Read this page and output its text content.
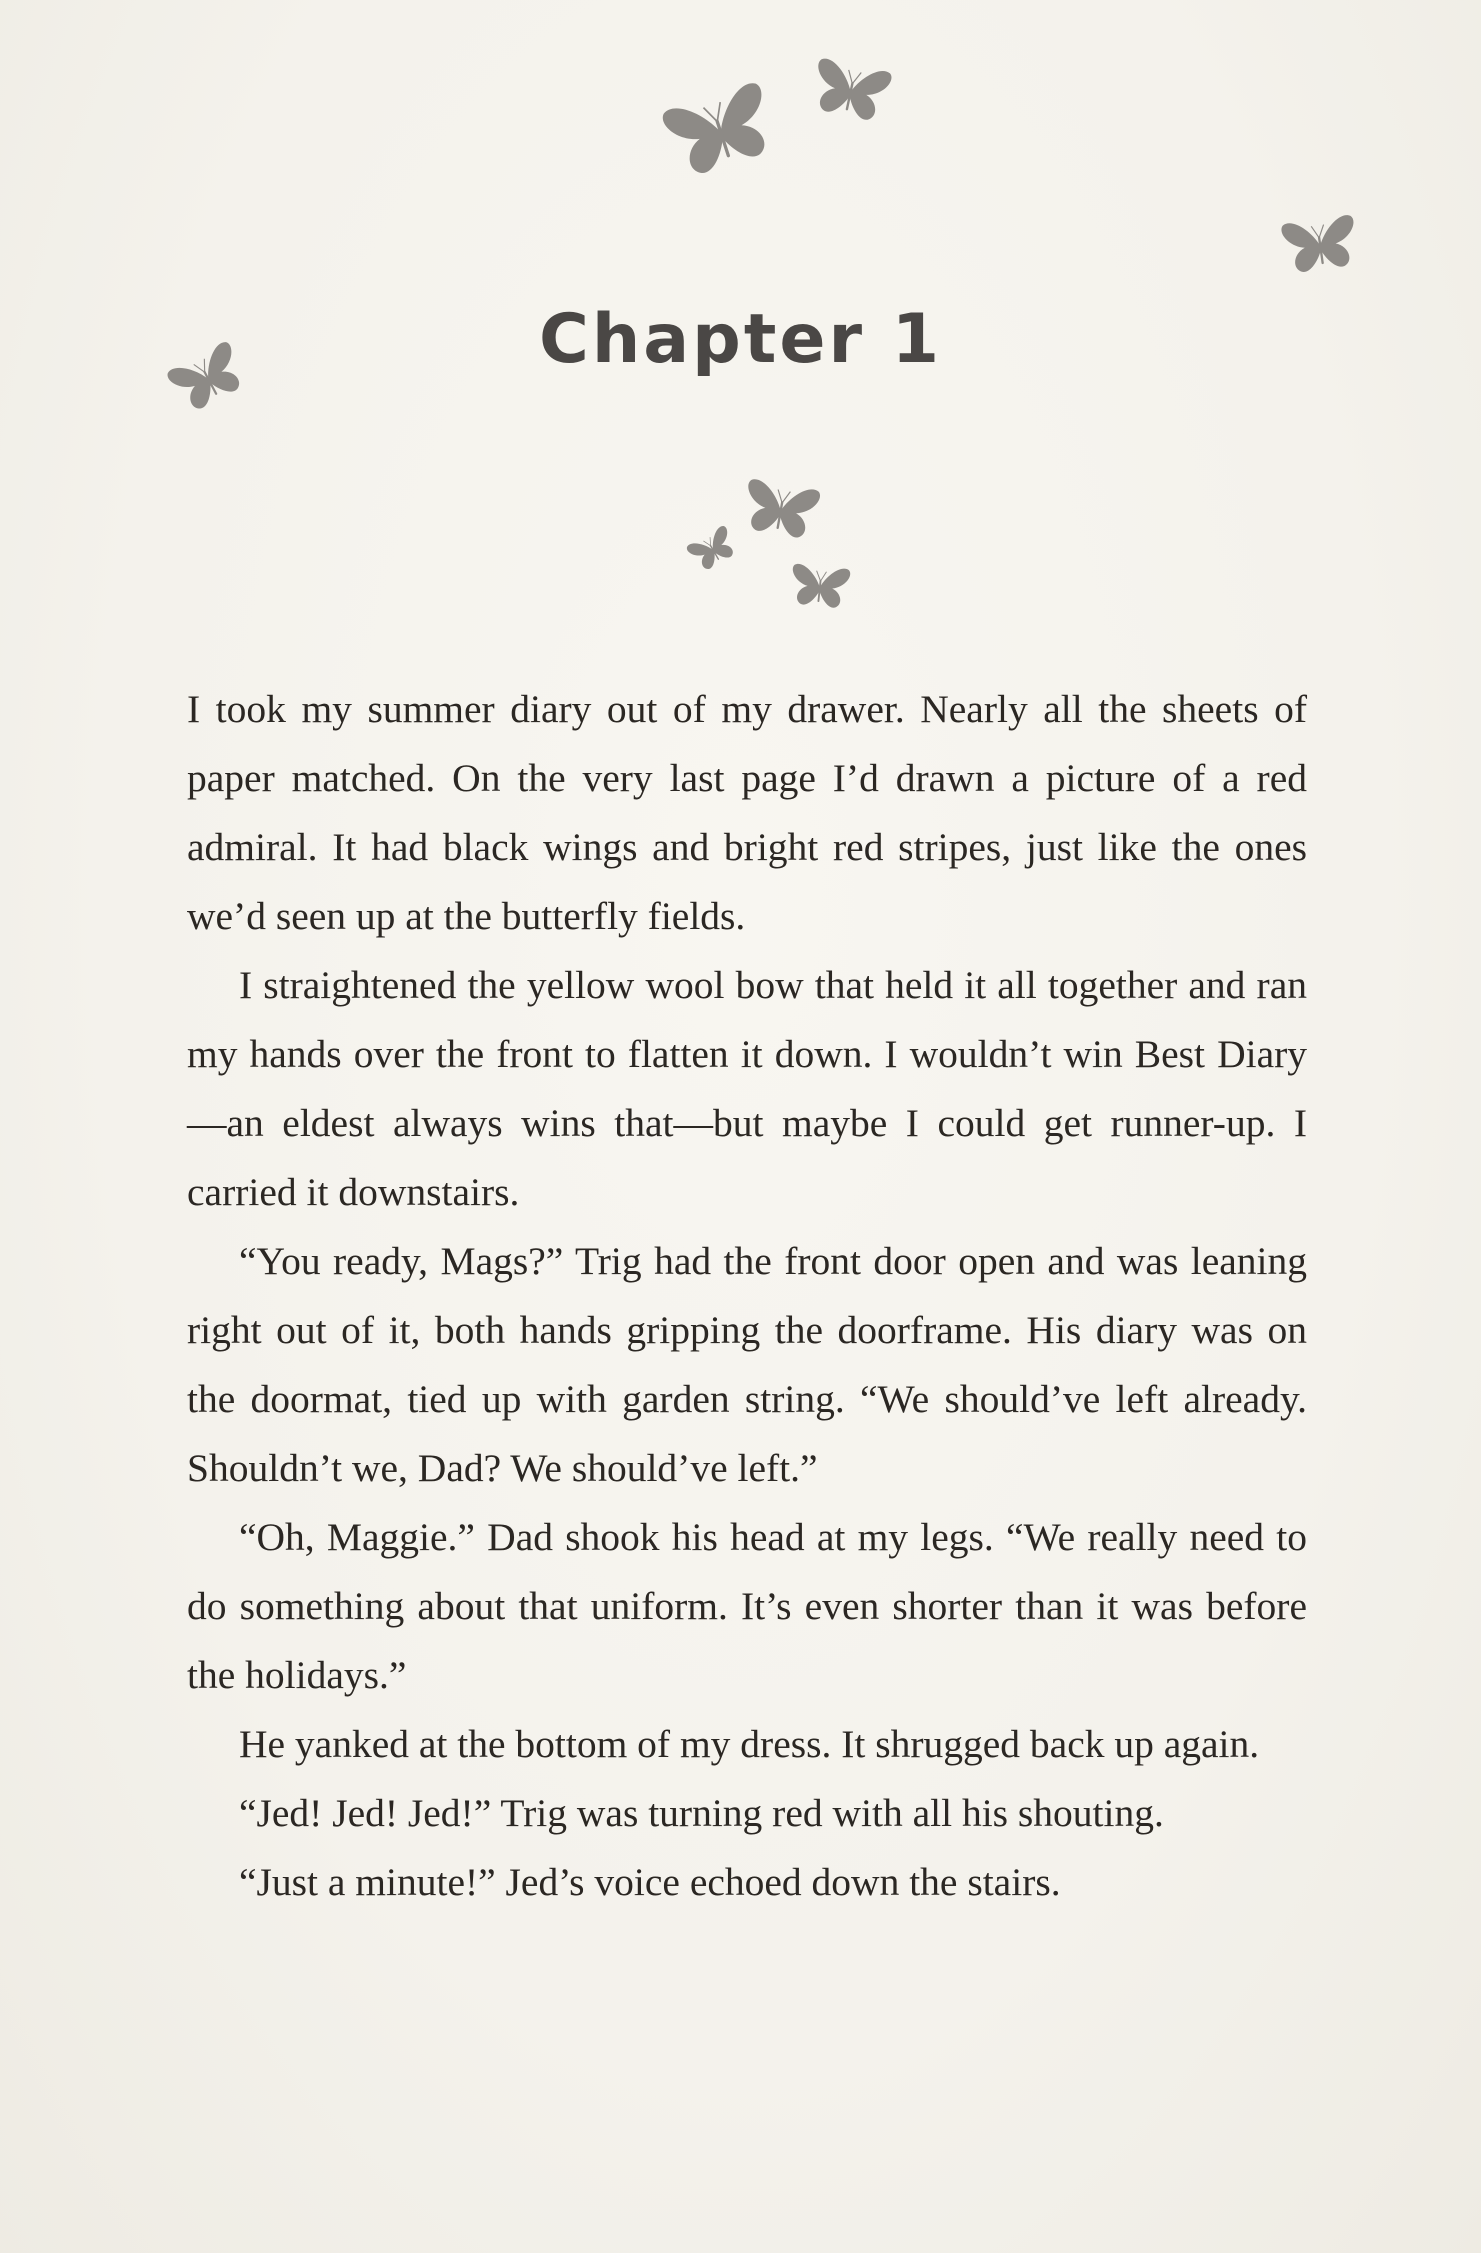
Chapter 1

I took my summer diary out of my drawer. Nearly all the sheets of paper matched. On the very last page I’d drawn a picture of a red admiral. It had black wings and bright red stripes, just like the ones we’d seen up at the butterfly fields.

I straightened the yellow wool bow that held it all together and ran my hands over the front to flatten it down. I wouldn’t win Best Diary—an eldest always wins that—but maybe I could get runner-up. I carried it downstairs.

“You ready, Mags?” Trig had the front door open and was leaning right out of it, both hands gripping the doorframe. His diary was on the doormat, tied up with garden string. “We should’ve left already. Shouldn’t we, Dad? We should’ve left.”

“Oh, Maggie.” Dad shook his head at my legs. “We really need to do something about that uniform. It’s even shorter than it was before the holidays.”

He yanked at the bottom of my dress. It shrugged back up again.

“Jed! Jed! Jed!” Trig was turning red with all his shouting.

“Just a minute!” Jed’s voice echoed down the stairs.
